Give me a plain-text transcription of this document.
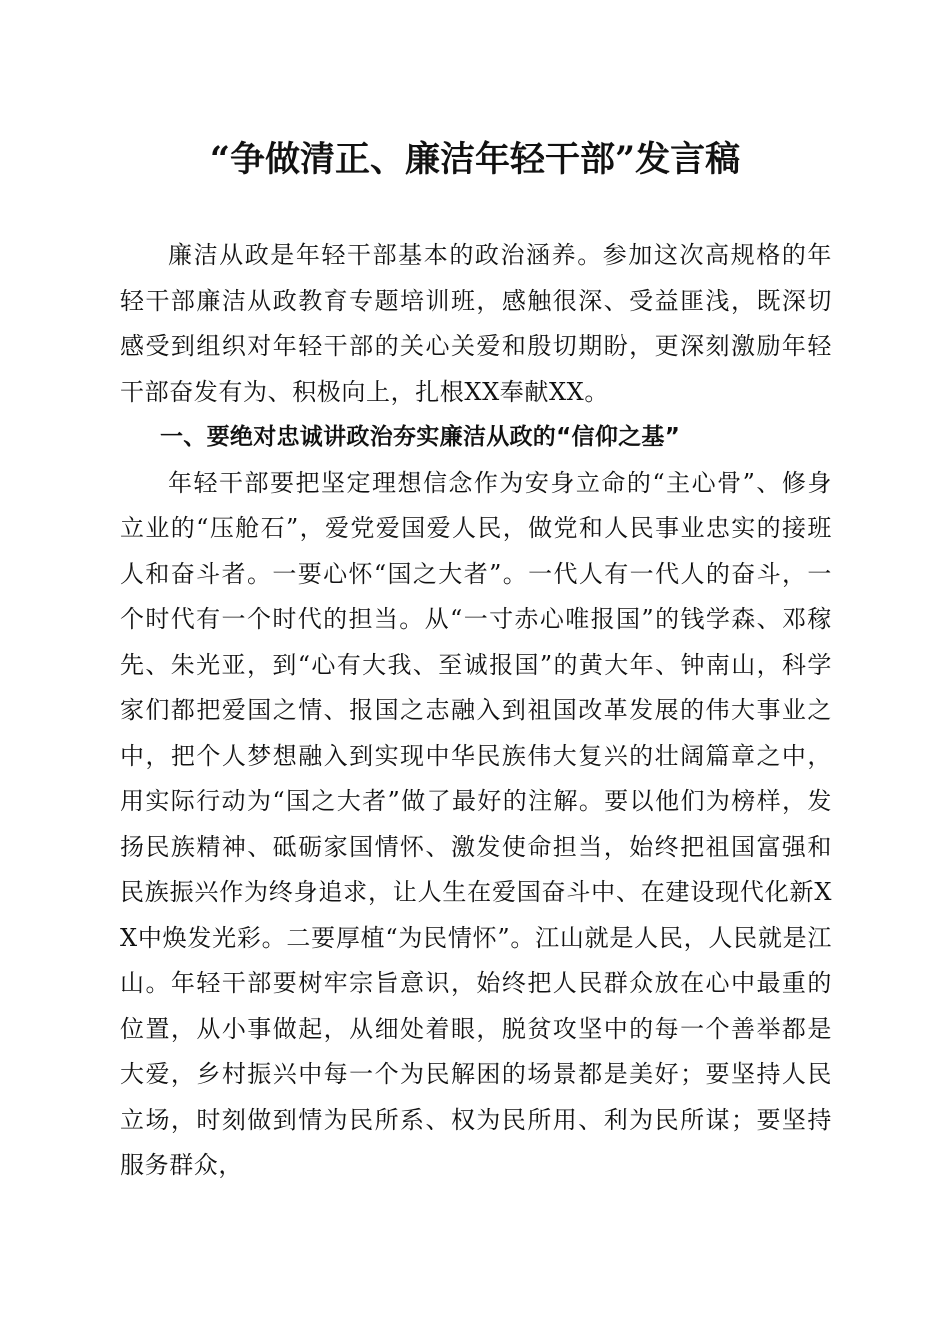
“争做清正、廉洁年轻干部”发言稿

廉洁从政是年轻干部基本的政治涵养。参加这次高规格的年轻干部廉洁从政教育专题培训班，感触很深、受益匪浅，既深切感受到组织对年轻干部的关心关爱和殷切期盼，更深刻激励年轻干部奋发有为、积极向上，扎根XX奉献XX。

一、要绝对忠诚讲政治夯实廉洁从政的“信仰之基”

年轻干部要把坚定理想信念作为安身立命的“主心骨”、修身立业的“压舱石”，爱党爱国爱人民，做党和人民事业忠实的接班人和奋斗者。一要心怀“国之大者”。一代人有一代人的奋斗，一个时代有一个时代的担当。从“一寸赤心唯报国”的钱学森、邓稼先、朱光亚，到“心有大我、至诚报国”的黄大年、钟南山，科学家们都把爱国之情、报国之志融入到祖国改革发展的伟大事业之中，把个人梦想融入到实现中华民族伟大复兴的壮阔篇章之中，用实际行动为“国之大者”做了最好的注解。要以他们为榜样，发扬民族精神、砥砺家国情怀、激发使命担当，始终把祖国富强和民族振兴作为终身追求，让人生在爱国奋斗中、在建设现代化新XX中焕发光彩。二要厚植“为民情怀”。江山就是人民，人民就是江山。年轻干部要树牢宗旨意识，始终把人民群众放在心中最重的位置，从小事做起，从细处着眼，脱贫攻坚中的每一个善举都是大爱，乡村振兴中每一个为民解困的场景都是美好；要坚持人民立场，时刻做到情为民所系、权为民所用、利为民所谋；要坚持服务群众，
